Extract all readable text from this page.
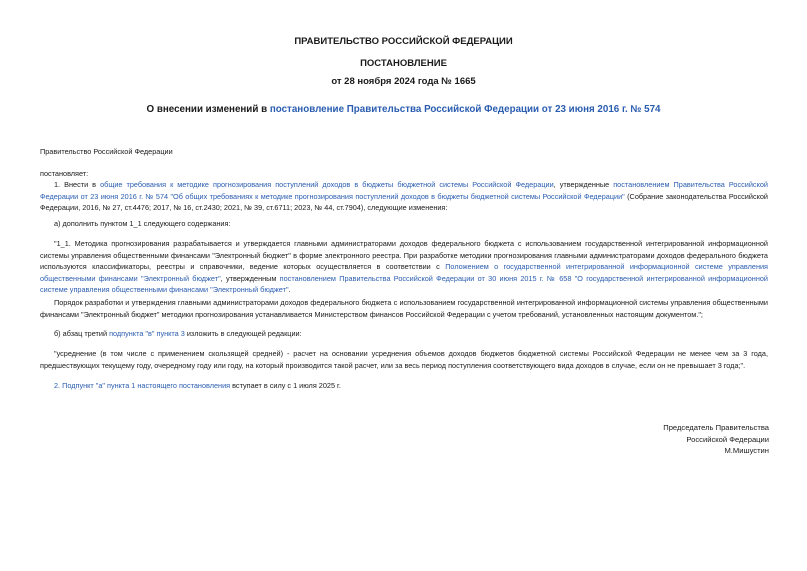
ПРАВИТЕЛЬСТВО РОССИЙСКОЙ ФЕДЕРАЦИИ
ПОСТАНОВЛЕНИЕ
от 28 ноября 2024 года № 1665
О внесении изменений в постановление Правительства Российской Федерации от 23 июня 2016 г. № 574
Правительство Российской Федерации
постановляет:
1. Внести в общие требования к методике прогнозирования поступлений доходов в бюджеты бюджетной системы Российской Федерации, утвержденные постановлением Правительства Российской Федерации от 23 июня 2016 г. № 574 "Об общих требованиях к методике прогнозирования поступлений доходов в бюджеты бюджетной системы Российской Федерации" (Собрание законодательства Российской Федерации, 2016, № 27, ст.4476; 2017, № 16, ст.2430; 2021, № 39, ст.6711; 2023, № 44, ст.7904), следующие изменения:
а) дополнить пунктом 1_1 следующего содержания:
"1_1. Методика прогнозирования разрабатывается и утверждается главными администраторами доходов федерального бюджета с использованием государственной интегрированной информационной системы управления общественными финансами "Электронный бюджет" в форме электронного реестра. При разработке методики прогнозирования главными администраторами доходов федерального бюджета используются классификаторы, реестры и справочники, ведение которых осуществляется в соответствии с Положением о государственной интегрированной информационной системе управления общественными финансами "Электронный бюджет", утвержденным постановлением Правительства Российской Федерации от 30 июня 2015 г. № 658 "О государственной интегрированной информационной системе управления общественными финансами "Электронный бюджет".
Порядок разработки и утверждения главными администраторами доходов федерального бюджета с использованием государственной интегрированной информационной системы управления общественными финансами "Электронный бюджет" методики прогнозирования устанавливается Министерством финансов Российской Федерации с учетом требований, установленных настоящим документом.";
б) абзац третий подпункта "в" пункта 3 изложить в следующей редакции:
"усреднение (в том числе с применением скользящей средней) - расчет на основании усреднения объемов доходов бюджетов бюджетной системы Российской Федерации не менее чем за 3 года, предшествующих текущему году, очередному году или году, на который производится такой расчет, или за весь период поступления соответствующего вида доходов в случае, если он не превышает 3 года;".
2. Подпункт "а" пункта 1 настоящего постановления вступает в силу с 1 июля 2025 г.
Председатель Правительства
Российской Федерации
М.Мишустин
